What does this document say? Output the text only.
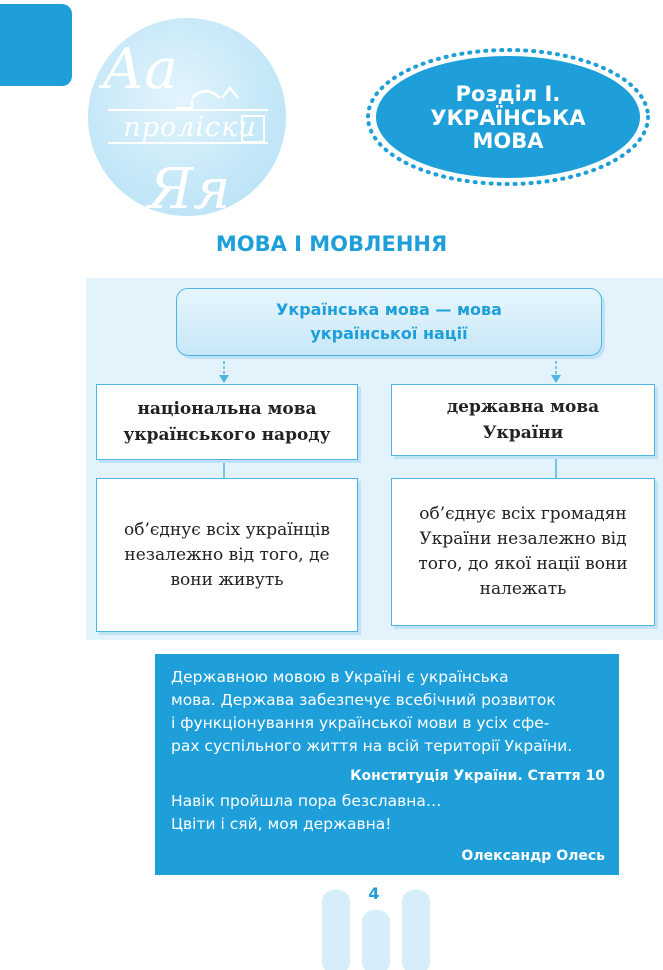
Аа
Яя
проліски
Розділ I.
УКРАЇНСЬКА
МОВА
МОВА І МОВЛЕННЯ
Українська мова — мова української нації
національна мова українського народу
державна мова України
об’єднує всіх українців незалежно від того, де вони живуть
об’єднує всіх громадян України незалежно від того, до якої нації вони належать
Державною мовою в Україні є українська
мова. Держава забезпечує всебічний розвиток
і функціонування української мови в усіх сфе-
рах суспільного життя на всій території України.
Конституція України. Стаття 10
Навік пройшла пора безславна…
Цвіти і сяй, моя державна!
Олександр Олесь
4
